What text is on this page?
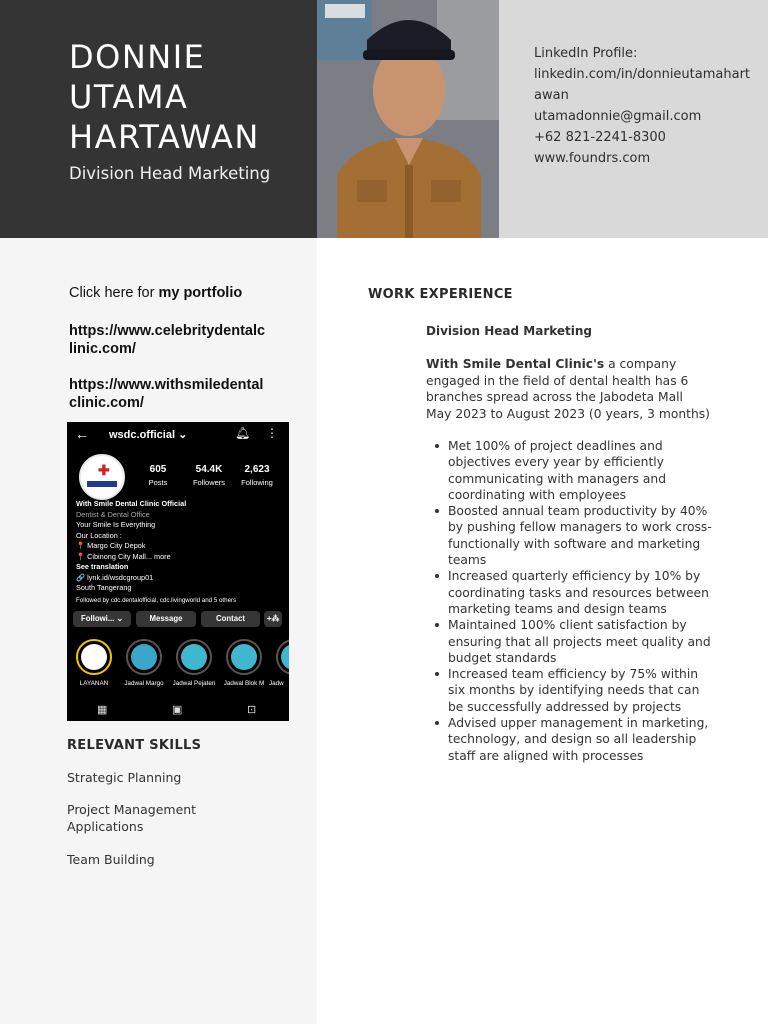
DONNIE
UTAMA
HARTAWAN
Division Head Marketing
LinkedIn Profile:
linkedin.com/in/donnieutamahart
awan
utamadonnie@gmail.com
+62 821-2241-8300
www.foundrs.com
Click here for my portfolio
https://www.celebritydentalclinic.com/
https://www.withsmiledentalclinic.com/
← wsdc.official ⌄	🔔︎ ⋮
✚	605
Posts
54.4K
Followers
2,623
Following
With Smile Dental Clinic Official
Dentist & Dental Office
Your Smile Is Everything
Our Location :
📍 Margo City Depok
📍 Cibinong City Mall... more
See translation
🔗 lynk.id/wsdcgroup01
South Tangerang
Followed by cdc.dentalofficial, cdc.livingworld and 5 others
Followi... ⌄	Message	Contact	+⁂
LAYANAN	Jadwal Margo	Jadwal Pejaten	Jadwal Blok M Jadw
▦	▣	⊡
RELEVANT SKILLS
Strategic Planning
Project Management Applications
Team Building
WORK EXPERIENCE
Division Head Marketing
With Smile Dental Clinic's a company engaged in the field of dental health has 6 branches spread across the Jabodeta Mall
May 2023 to August 2023 (0 years, 3 months)
Met 100% of project deadlines and objectives every year by efficiently communicating with managers and coordinating with employees
Boosted annual team productivity by 40% by pushing fellow managers to work cross-functionally with software and marketing teams
Increased quarterly efficiency by 10% by coordinating tasks and resources between marketing teams and design teams
Maintained 100% client satisfaction by ensuring that all projects meet quality and budget standards
Increased team efficiency by 75% within six months by identifying needs that can be successfully addressed by projects
Advised upper management in marketing, technology, and design so all leadership staff are aligned with processes
